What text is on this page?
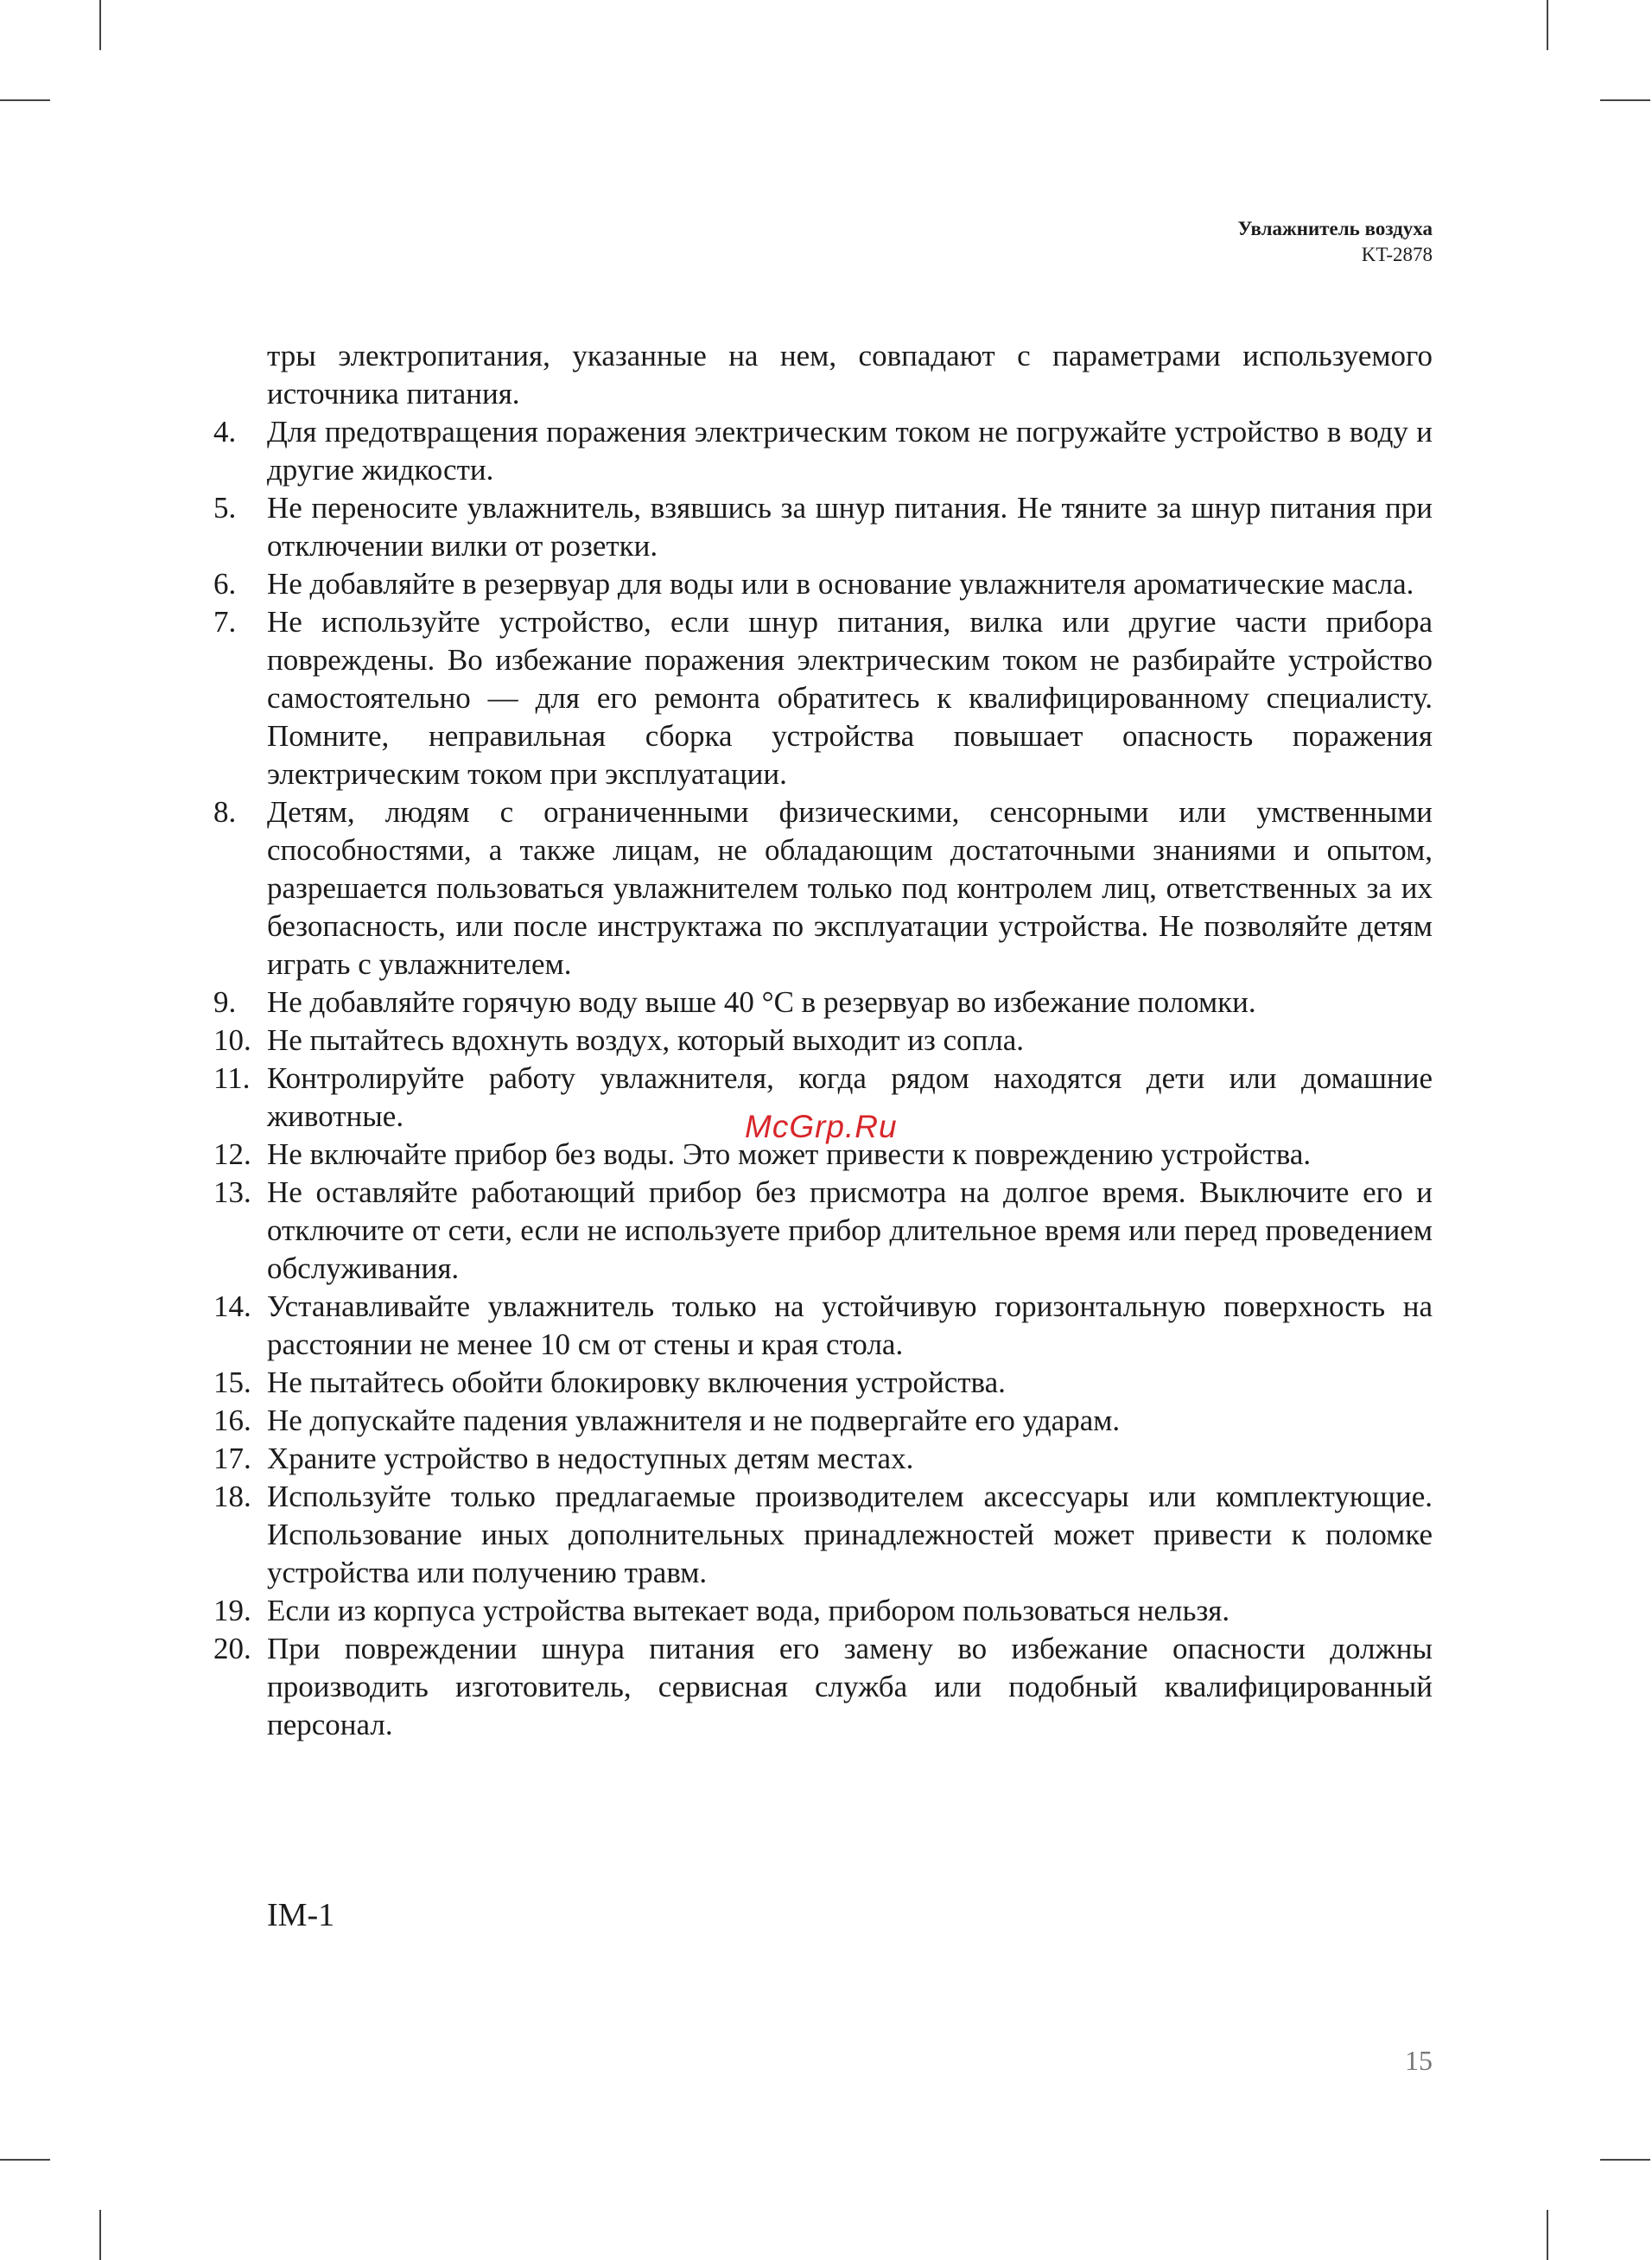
Увлажнитель воздуха
KT-2878
тры электропитания, указанные на нем, совпадают с параметрами используемого источника питания.
4.	Для предотвращения поражения электрическим током не погружайте устройство в воду и другие жидкости.
5.	Не переносите увлажнитель, взявшись за шнур питания. Не тяните за шнур питания при отключении вилки от розетки.
6.	Не добавляйте в резервуар для воды или в основание увлажнителя ароматические масла.
7.	Не используйте устройство, если шнур питания, вилка или другие части прибора повреждены. Во избежание поражения электрическим током не разбирайте устройство самостоятельно — для его ремонта обратитесь к квалифицированному специалисту. Помните, неправильная сборка устройства повышает опасность поражения электрическим током при эксплуатации.
8.	Детям, людям с ограниченными физическими, сенсорными или умственными способностями, а также лицам, не обладающим достаточными знаниями и опытом, разрешается пользоваться увлажнителем только под контролем лиц, ответственных за их безопасность, или после инструктажа по эксплуатации устройства. Не позволяйте детям играть с увлажнителем.
9.	Не добавляйте горячую воду выше 40 °С в резервуар во избежание поломки.
10. Не пытайтесь вдохнуть воздух, который выходит из сопла.
11. Контролируйте работу увлажнителя, когда рядом находятся дети или домашние животные.
12. Не включайте прибор без воды. Это может привести к повреждению устройства.
13. Не оставляйте работающий прибор без присмотра на долгое время. Выключите его и отключите от сети, если не используете прибор длительное время или перед проведением обслуживания.
14. Устанавливайте увлажнитель только на устойчивую горизонтальную поверхность на расстоянии не менее 10 см от стены и края стола.
15. Не пытайтесь обойти блокировку включения устройства.
16. Не допускайте падения увлажнителя и не подвергайте его ударам.
17. Храните устройство в недоступных детям местах.
18. Используйте только предлагаемые производителем аксессуары или комплектующие. Использование иных дополнительных принадлежностей может привести к поломке устройства или получению травм.
19. Если из корпуса устройства вытекает вода, прибором пользоваться нельзя.
20. При повреждении шнура питания его замену во избежание опасности должны производить изготовитель, сервисная служба или подобный квалифицированный персонал.
McGrp.Ru
IM-1
15
